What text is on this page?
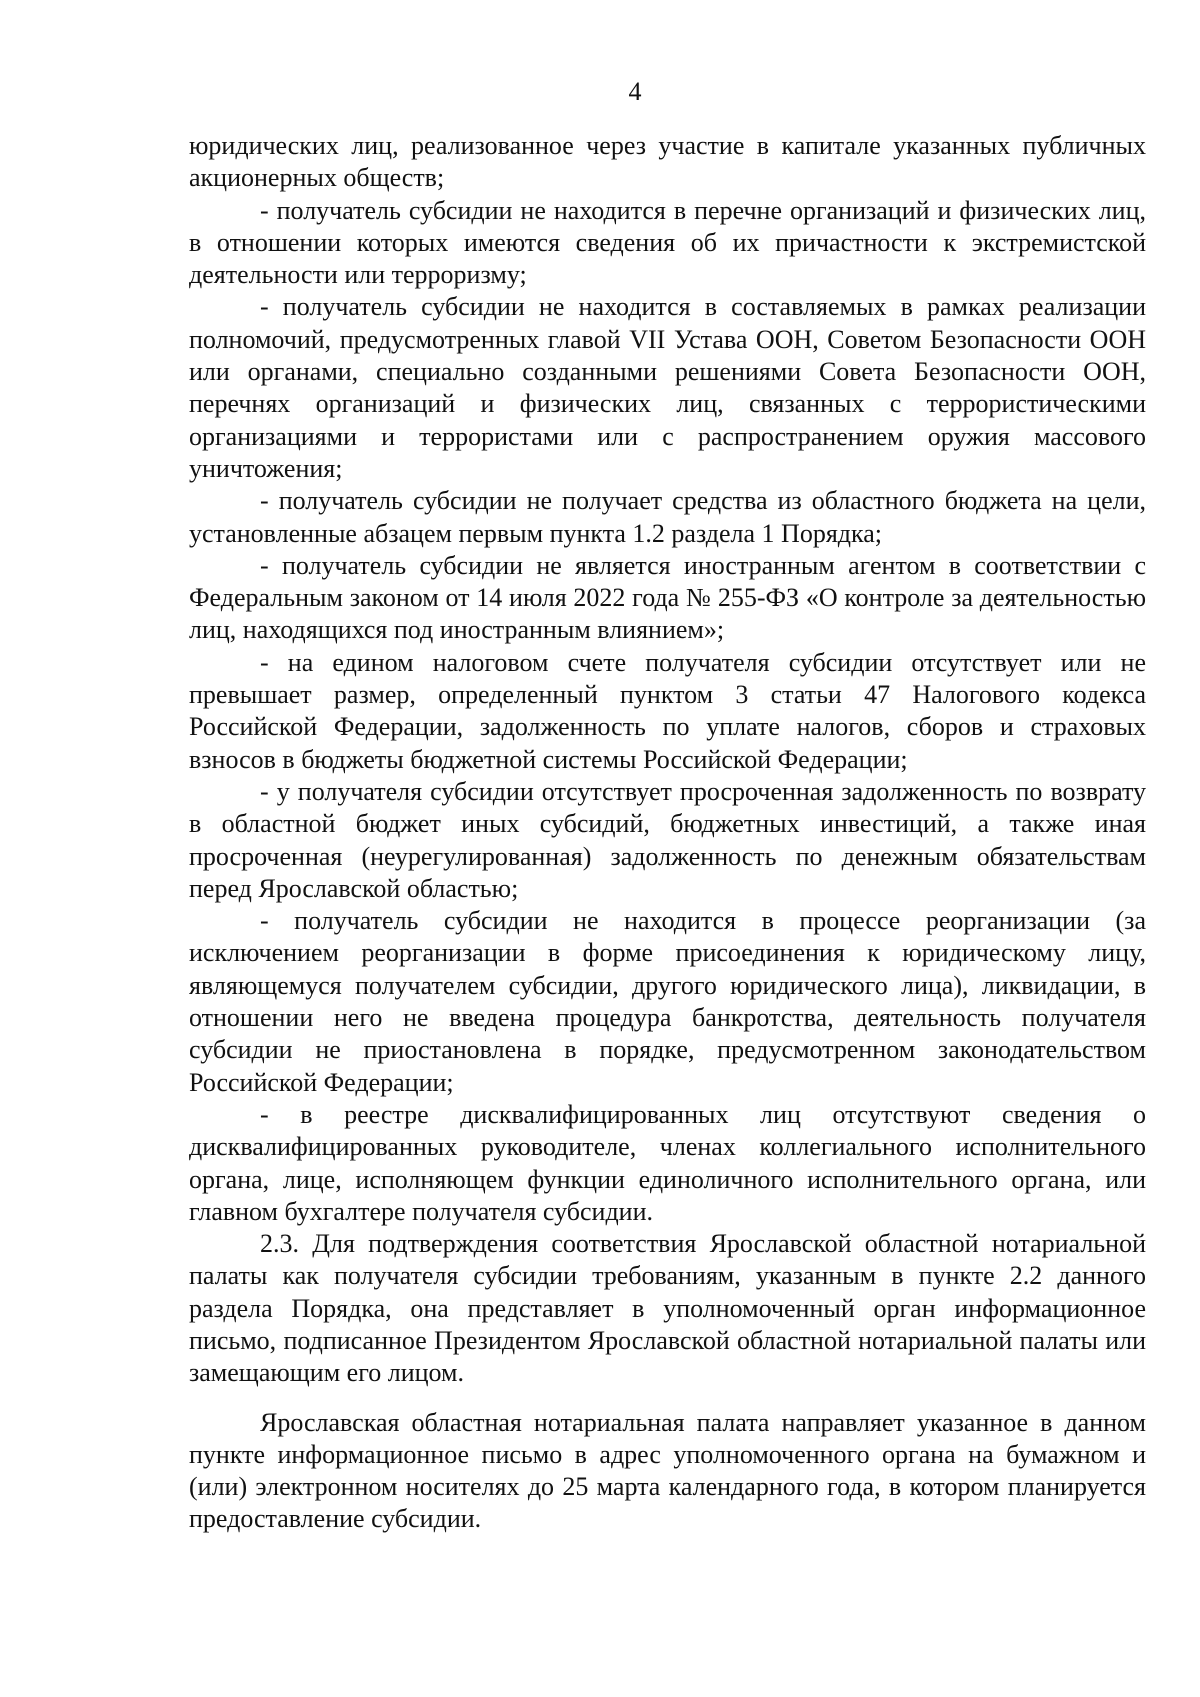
4

юридических лиц, реализованное через участие в капитале указанных публичных акционерных обществ;

- получатель субсидии не находится в перечне организаций и физических лиц, в отношении которых имеются сведения об их причастности к экстремистской деятельности или терроризму;

- получатель субсидии не находится в составляемых в рамках реализации полномочий, предусмотренных главой VII Устава ООН, Советом Безопасности ООН или органами, специально созданными решениями Совета Безопасности ООН, перечнях организаций и физических лиц, связанных с террористическими организациями и террористами или с распространением оружия массового уничтожения;

- получатель субсидии не получает средства из областного бюджета на цели, установленные абзацем первым пункта 1.2 раздела 1 Порядка;

- получатель субсидии не является иностранным агентом в соответствии с Федеральным законом от 14 июля 2022 года № 255-ФЗ «О контроле за деятельностью лиц, находящихся под иностранным влиянием»;

- на едином налоговом счете получателя субсидии отсутствует или не превышает размер, определенный пунктом 3 статьи 47 Налогового кодекса Российской Федерации, задолженность по уплате налогов, сборов и страховых взносов в бюджеты бюджетной системы Российской Федерации;

- у получателя субсидии отсутствует просроченная задолженность по возврату в областной бюджет иных субсидий, бюджетных инвестиций, а также иная просроченная (неурегулированная) задолженность по денежным обязательствам перед Ярославской областью;

- получатель субсидии не находится в процессе реорганизации (за исключением реорганизации в форме присоединения к юридическому лицу, являющемуся получателем субсидии, другого юридического лица), ликвидации, в отношении него не введена процедура банкротства, деятельность получателя субсидии не приостановлена в порядке, предусмотренном законодательством Российской Федерации;

- в реестре дисквалифицированных лиц отсутствуют сведения о дисквалифицированных руководителе, членах коллегиального исполнительного органа, лице, исполняющем функции единоличного исполнительного органа, или главном бухгалтере получателя субсидии.

2.3. Для подтверждения соответствия Ярославской областной нотариальной палаты как получателя субсидии требованиям, указанным в пункте 2.2 данного раздела Порядка, она представляет в уполномоченный орган информационное письмо, подписанное Президентом Ярославской областной нотариальной палаты или замещающим его лицом.

Ярославская областная нотариальная палата направляет указанное в данном пункте информационное письмо в адрес уполномоченного органа на бумажном и (или) электронном носителях до 25 марта календарного года, в котором планируется предоставление субсидии.
